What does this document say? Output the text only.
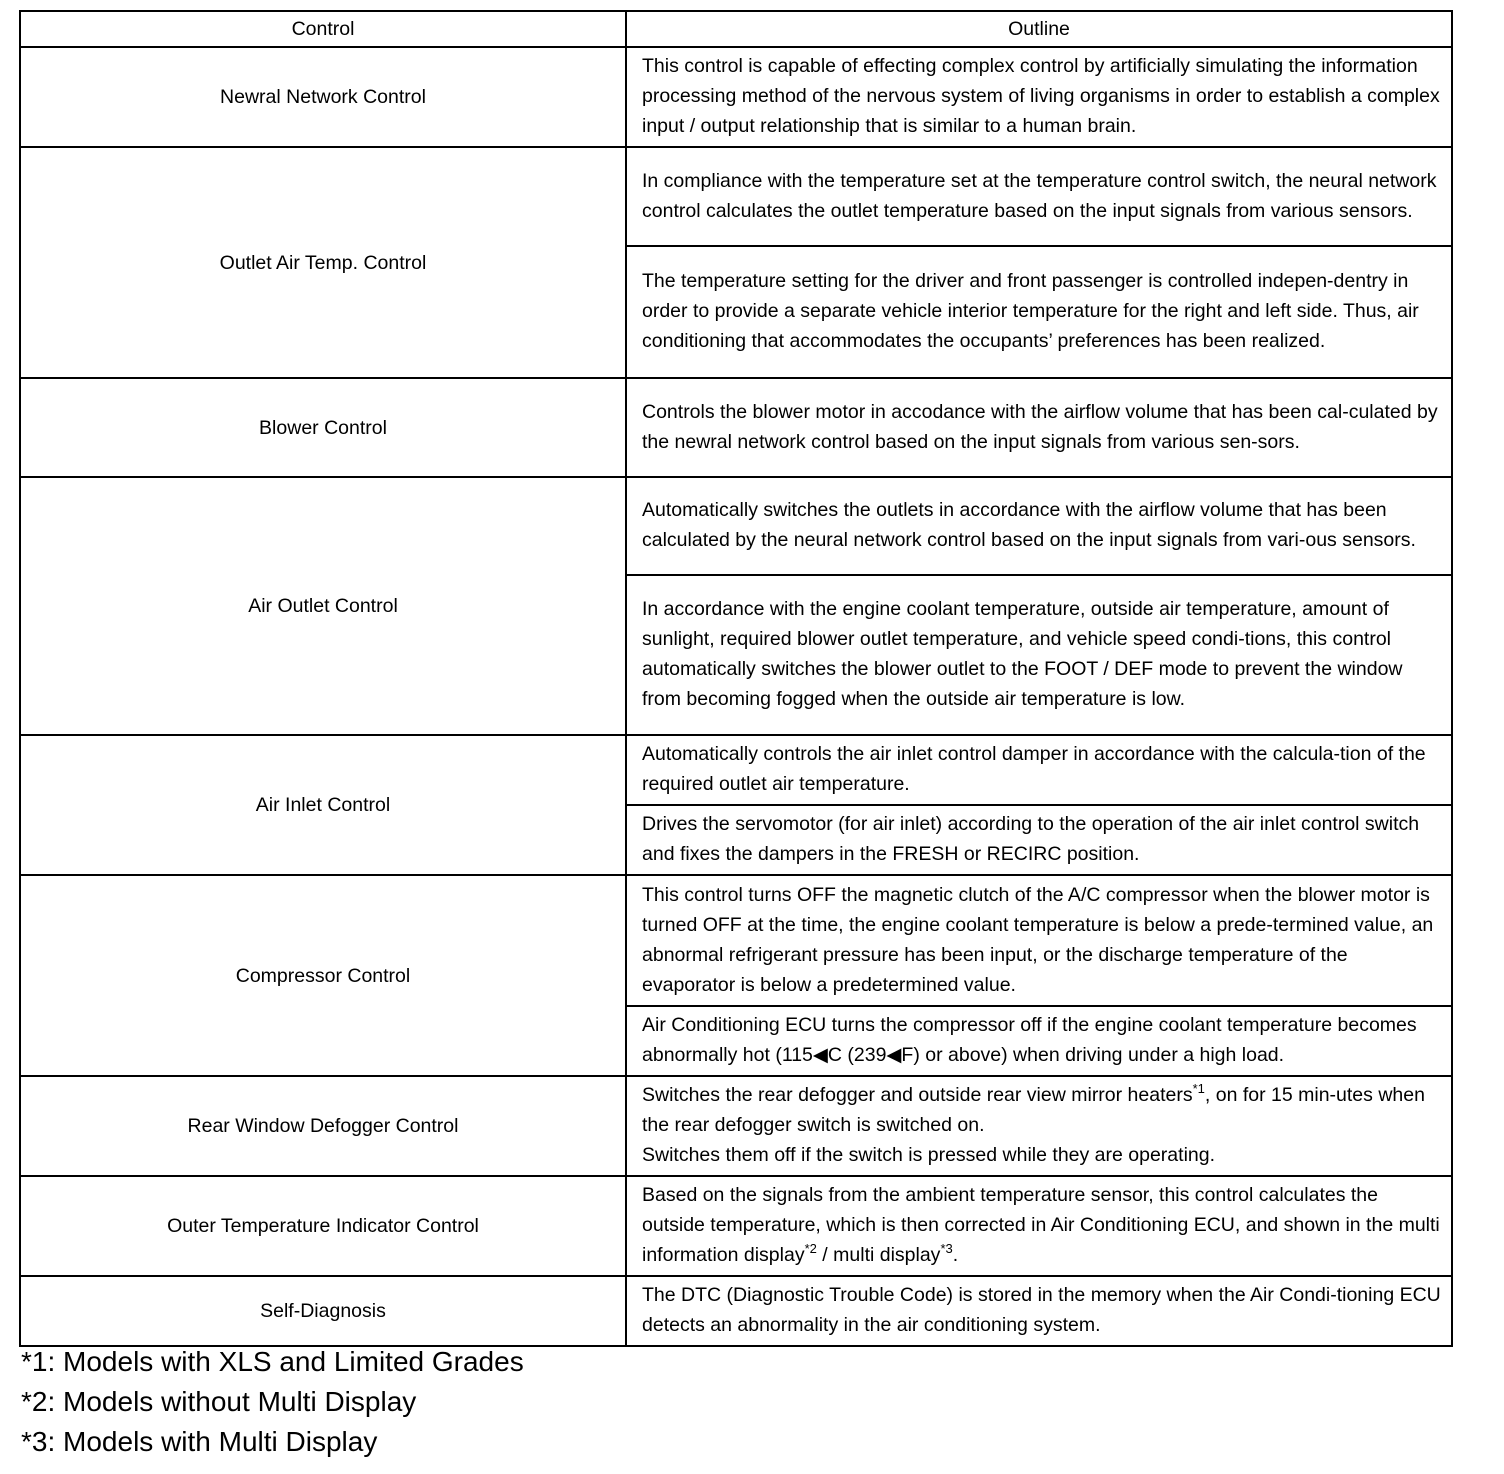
Control	Outline
Newral Network Control	This control is capable of effecting complex control by artificially simulating the information processing method of the nervous system of living organisms in order to establish a complex input / output relationship that is similar to a human brain.
Outlet Air Temp. Control	In compliance with the temperature set at the temperature control switch, the neural network control calculates the outlet temperature based on the input signals from various sensors.
	The temperature setting for the driver and front passenger is controlled indepen-dentry in order to provide a separate vehicle interior temperature for the right and left side. Thus, air conditioning that accommodates the occupants’ preferences has been realized.
Blower Control	Controls the blower motor in accodance with the airflow volume that has been cal-culated by the newral network control based on the input signals from various sen-sors.
Air Outlet Control	Automatically switches the outlets in accordance with the airflow volume that has been calculated by the neural network control based on the input signals from vari-ous sensors.
	In accordance with the engine coolant temperature, outside air temperature, amount of sunlight, required blower outlet temperature, and vehicle speed condi-tions, this control automatically switches the blower outlet to the FOOT / DEF mode to prevent the window from becoming fogged when the outside air temperature is low.
Air Inlet Control	Automatically controls the air inlet control damper in accordance with the calcula-tion of the required outlet air temperature.
	Drives the servomotor (for air inlet) according to the operation of the air inlet control switch and fixes the dampers in the FRESH or RECIRC position.
Compressor Control	This control turns OFF the magnetic clutch of the A/C compressor when the blower motor is turned OFF at the time, the engine coolant temperature is below a prede-termined value, an abnormal refrigerant pressure has been input, or the discharge temperature of the evaporator is below a predetermined value.
	Air Conditioning ECU turns the compressor off if the engine coolant temperature becomes abnormally hot (115◀C (239◀F) or above) when driving under a high load.
Rear Window Defogger Control	Switches the rear defogger and outside rear view mirror heaters$^{*1}$, on for 15 min-utes when the rear defogger switch is switched on.
Switches them off if the switch is pressed while they are operating.
Outer Temperature Indicator Control	Based on the signals from the ambient temperature sensor, this control calculates the outside temperature, which is then corrected in Air Conditioning ECU, and shown in the multi information display$^{*2}$ / multi display$^{*3}$.
Self-Diagnosis	The DTC (Diagnostic Trouble Code) is stored in the memory when the Air Condi-tioning ECU detects an abnormality in the air conditioning system.
*1: Models with XLS and Limited Grades
*2: Models without Multi Display
*3: Models with Multi Display
